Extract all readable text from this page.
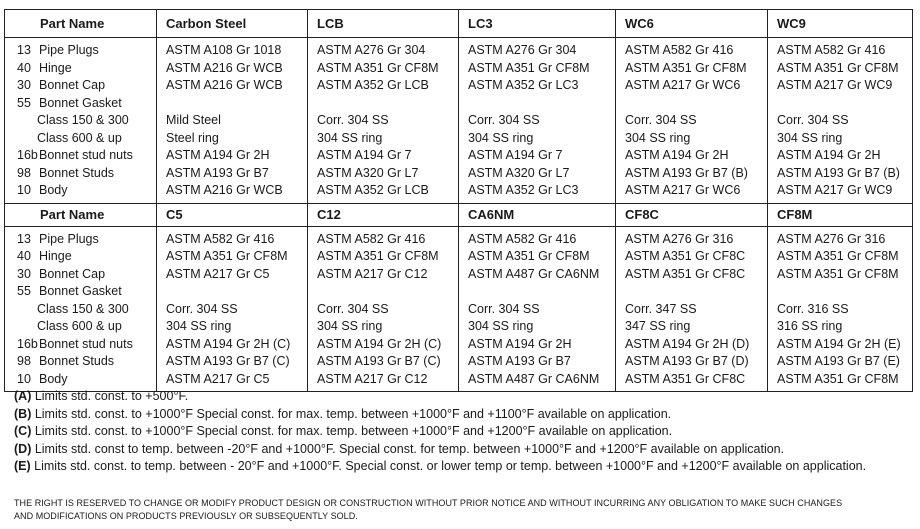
Part Name	Carbon Steel	LCB	LC3	WC6	WC9
13 Pipe Plugs	ASTM A108 Gr 1018	ASTM A276 Gr 304	ASTM A276 Gr 304	ASTM A582 Gr 416	ASTM A582 Gr 416
40 Hinge	ASTM A216 Gr WCB	ASTM A351 Gr CF8M	ASTM A351 Gr CF8M	ASTM A351 Gr CF8M	ASTM A351 Gr CF8M
30 Bonnet Cap	ASTM A216 Gr WCB	ASTM A352 Gr LCB	ASTM A352 Gr LC3	ASTM A217 Gr WC6	ASTM A217 Gr WC9
55 Bonnet Gasket					
Class 150 & 300	Mild Steel	Corr. 304 SS	Corr. 304 SS	Corr. 304 SS	Corr. 304 SS
Class 600 & up	Steel ring	304 SS ring	304 SS ring	304 SS ring	304 SS ring
16bBonnet stud nuts	ASTM A194 Gr 2H	ASTM A194 Gr 7	ASTM A194 Gr 7	ASTM A194 Gr 2H	ASTM A194 Gr 2H
98 Bonnet Studs	ASTM A193 Gr B7	ASTM A320 Gr L7	ASTM A320 Gr L7	ASTM A193 Gr B7 (B)	ASTM A193 Gr B7 (B)
10 Body	ASTM A216 Gr WCB	ASTM A352 Gr LCB	ASTM A352 Gr LC3	ASTM A217 Gr WC6	ASTM A217 Gr WC9
Part Name	C5	C12	CA6NM	CF8C	CF8M
13 Pipe Plugs	ASTM A582 Gr 416	ASTM A582 Gr 416	ASTM A582 Gr 416	ASTM A276 Gr 316	ASTM A276 Gr 316
40 Hinge	ASTM A351 Gr CF8M	ASTM A351 Gr CF8M	ASTM A351 Gr CF8M	ASTM A351 Gr CF8C	ASTM A351 Gr CF8M
30 Bonnet Cap	ASTM A217 Gr C5	ASTM A217 Gr C12	ASTM A487 Gr CA6NM	ASTM A351 Gr CF8C	ASTM A351 Gr CF8M
55 Bonnet Gasket					
Class 150 & 300	Corr. 304 SS	Corr. 304 SS	Corr. 304 SS	Corr. 347 SS	Corr. 316 SS
Class 600 & up	304 SS ring	304 SS ring	304 SS ring	347 SS ring	316 SS ring
16bBonnet stud nuts	ASTM A194 Gr 2H (C)	ASTM A194 Gr 2H (C)	ASTM A194 Gr 2H	ASTM A194 Gr 2H (D)	ASTM A194 Gr 2H (E)
98 Bonnet Studs	ASTM A193 Gr B7 (C)	ASTM A193 Gr B7 (C)	ASTM A193 Gr B7	ASTM A193 Gr B7 (D)	ASTM A193 Gr B7 (E)
10 Body	ASTM A217 Gr C5	ASTM A217 Gr C12	ASTM A487 Gr CA6NM	ASTM A351 Gr CF8C	ASTM A351 Gr CF8M
(A) Limits std. const. to +500°F.
(B) Limits std. const. to +1000°F Special const. for max. temp. between +1000°F and +1100°F available on application.
(C) Limits std. const. to +1000°F Special const. for max. temp. between +1000°F and +1200°F available on application.
(D) Limits std. const to temp. between -20°F and +1000°F. Special const. for temp. between +1000°F and +1200°F available on application.
(E) Limits std. const. to temp. between - 20°F and +1000°F. Special const. or lower temp or temp. between +1000°F and +1200°F available on application.
THE RIGHT IS RESERVED TO CHANGE OR MODIFY PRODUCT DESIGN OR CONSTRUCTION WITHOUT PRIOR NOTICE AND WITHOUT INCURRING ANY OBLIGATION TO MAKE SUCH CHANGES
AND MODIFICATIONS ON PRODUCTS PREVIOUSLY OR SUBSEQUENTLY SOLD.
